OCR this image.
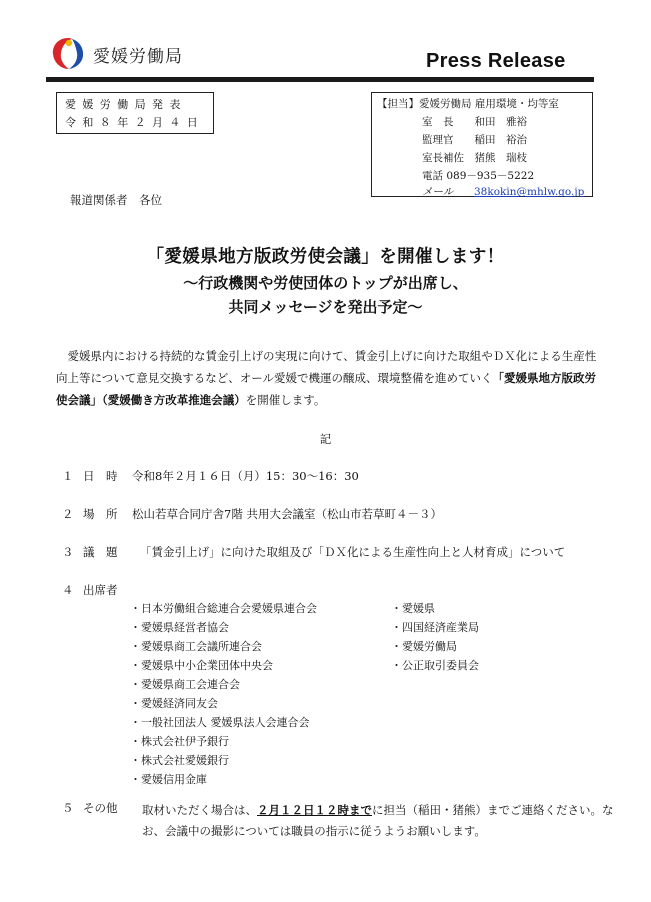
愛媛労働局	Press Release
愛媛労働局発表
令和８年２月４日
【担当】愛媛労働局 雇用環境・均等室
室　長　　和田　雅裕
監理官　　稲田　裕治
室長補佐　猪熊　瑞枝
電話 089－935－5222
メール 38kokin@mhlw.go.jp
報道関係者　各位
「愛媛県地方版政労使会議」を開催します！
～行政機関や労使団体のトップが出席し、
共同メッセージを発出予定～
愛媛県内における持続的な賃金引上げの実現に向けて、賃金引上げに向けた取組やＤＸ化による生産性向上等について意見交換するなど、オール愛媛で機運の醸成、環境整備を進めていく「愛媛県地方版政労使会議」（愛媛働き方改革推進会議）を開催します。
記
１ 日　時 令和8年２月１６日（月）15：30～16：30
２ 場　所 松山若草合同庁舎7階 共用大会議室（松山市若草町４－３）
３ 議　題 「賃金引上げ」に向けた取組及び「ＤＸ化による生産性向上と人材育成」について
４ 出席者
・日本労働組合総連合会愛媛県連合会
・愛媛県経営者協会
・愛媛県商工会議所連合会
・愛媛県中小企業団体中央会
・愛媛県商工会連合会
・愛媛経済同友会
・一般社団法人 愛媛県法人会連合会
・株式会社伊予銀行
・株式会社愛媛銀行
・愛媛信用金庫
・愛媛県
・四国経済産業局
・愛媛労働局
・公正取引委員会
５ その他 取材いただく場合は、２月１２日１２時までに担当（稲田・猪熊）までご連絡ください。なお、会議中の撮影については職員の指示に従うようお願いします。
